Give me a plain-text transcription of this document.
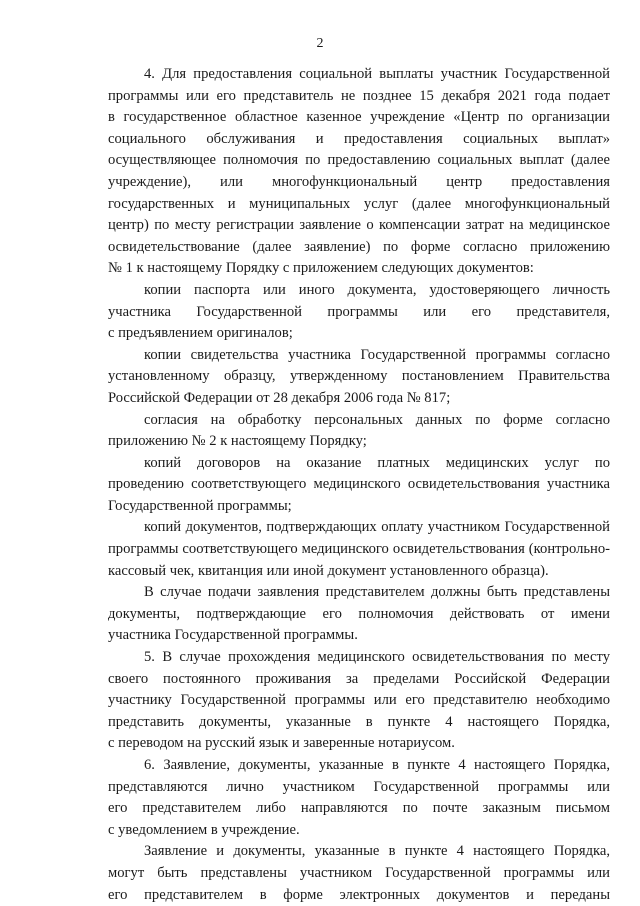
2
4. Для предоставления социальной выплаты участник Государственной
программы или его представитель не позднее 15 декабря 2021 года подает
в государственное областное казенное учреждение «Центр по организации
социального обслуживания и предоставления социальных выплат»
осуществляющее полномочия по предоставлению социальных выплат (далее
учреждение), или многофункциональный центр предоставления
государственных и муниципальных услуг (далее многофункциональный
центр) по месту регистрации заявление о компенсации затрат на медицинское
освидетельствование (далее заявление) по форме согласно приложению
№ 1 к настоящему Порядку с приложением следующих документов:
копии паспорта или иного документа, удостоверяющего личность
участника Государственной программы или его представителя,
с предъявлением оригиналов;
копии свидетельства участника Государственной программы согласно
установленному образцу, утвержденному постановлением Правительства
Российской Федерации от 28 декабря 2006 года № 817;
согласия на обработку персональных данных по форме согласно
приложению № 2 к настоящему Порядку;
копий договоров на оказание платных медицинских услуг по
проведению соответствующего медицинского освидетельствования участника
Государственной программы;
копий документов, подтверждающих оплату участником Государственной
программы соответствующего медицинского освидетельствования (контрольно-
кассовый чек, квитанция или иной документ установленного образца).
В случае подачи заявления представителем должны быть представлены
документы, подтверждающие его полномочия действовать от имени
участника Государственной программы.
5. В случае прохождения медицинского освидетельствования по месту
своего постоянного проживания за пределами Российской Федерации
участнику Государственной программы или его представителю необходимо
представить документы, указанные в пункте 4 настоящего Порядка,
с переводом на русский язык и заверенные нотариусом.
6. Заявление, документы, указанные в пункте 4 настоящего Порядка,
представляются лично участником Государственной программы или
его представителем либо направляются по почте заказным письмом
с уведомлением в учреждение.
Заявление и документы, указанные в пункте 4 настоящего Порядка,
могут быть представлены участником Государственной программы или
его представителем в форме электронных документов и переданы
